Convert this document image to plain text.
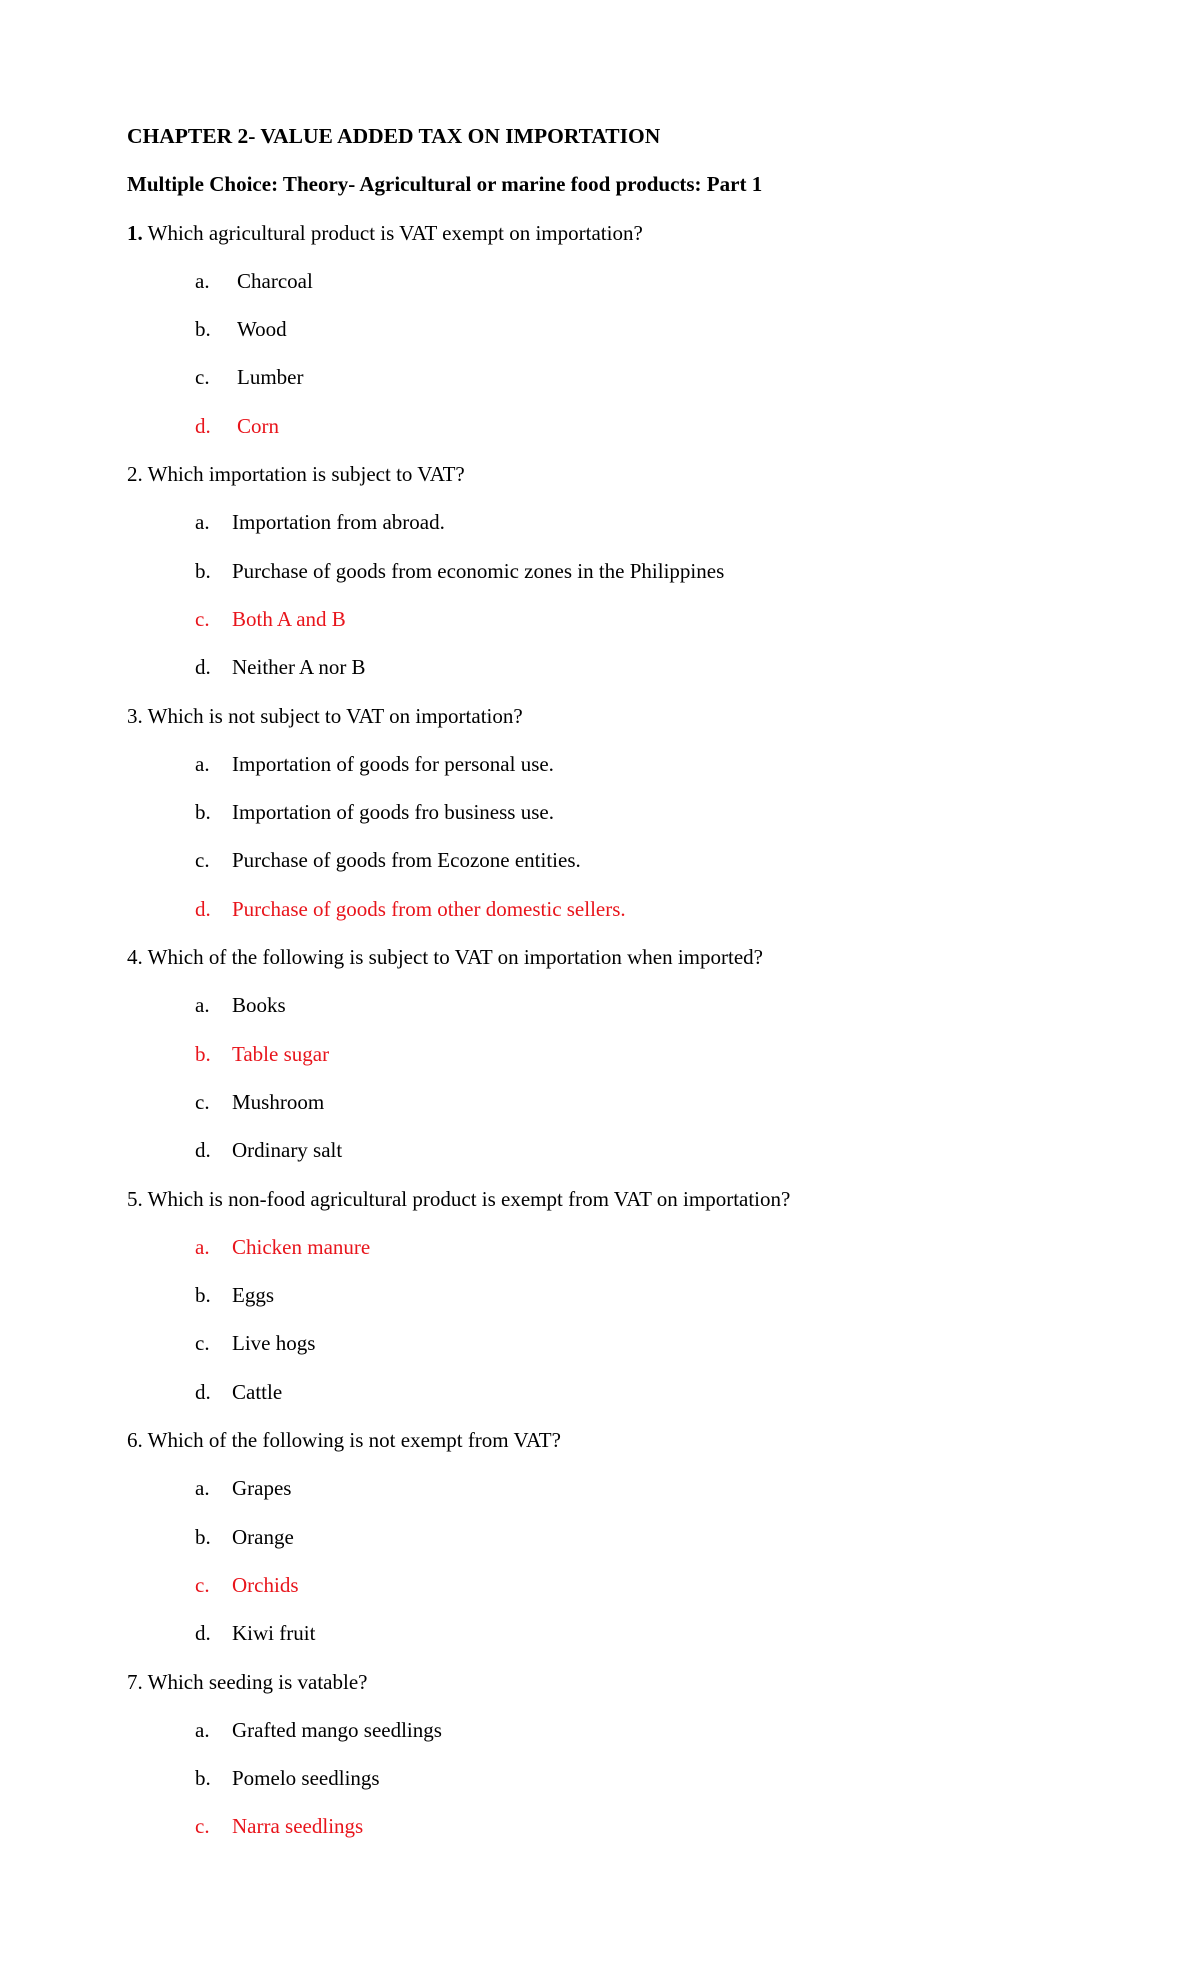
CHAPTER 2- VALUE ADDED TAX ON IMPORTATION
Multiple Choice: Theory- Agricultural or marine food products: Part 1
1. Which agricultural product is VAT exempt on importation?
a. Charcoal
b. Wood
c. Lumber
d. Corn
2. Which importation is subject to VAT?
a. Importation from abroad.
b. Purchase of goods from economic zones in the Philippines
c. Both A and B
d. Neither A nor B
3. Which is not subject to VAT on importation?
a. Importation of goods for personal use.
b. Importation of goods fro business use.
c. Purchase of goods from Ecozone entities.
d. Purchase of goods from other domestic sellers.
4. Which of the following is subject to VAT on importation when imported?
a. Books
b. Table sugar
c. Mushroom
d. Ordinary salt
5. Which is non-food agricultural product is exempt from VAT on importation?
a. Chicken manure
b. Eggs
c. Live hogs
d. Cattle
6. Which of the following is not exempt from VAT?
a. Grapes
b. Orange
c. Orchids
d. Kiwi fruit
7. Which seeding is vatable?
a. Grafted mango seedlings
b. Pomelo seedlings
c. Narra seedlings
